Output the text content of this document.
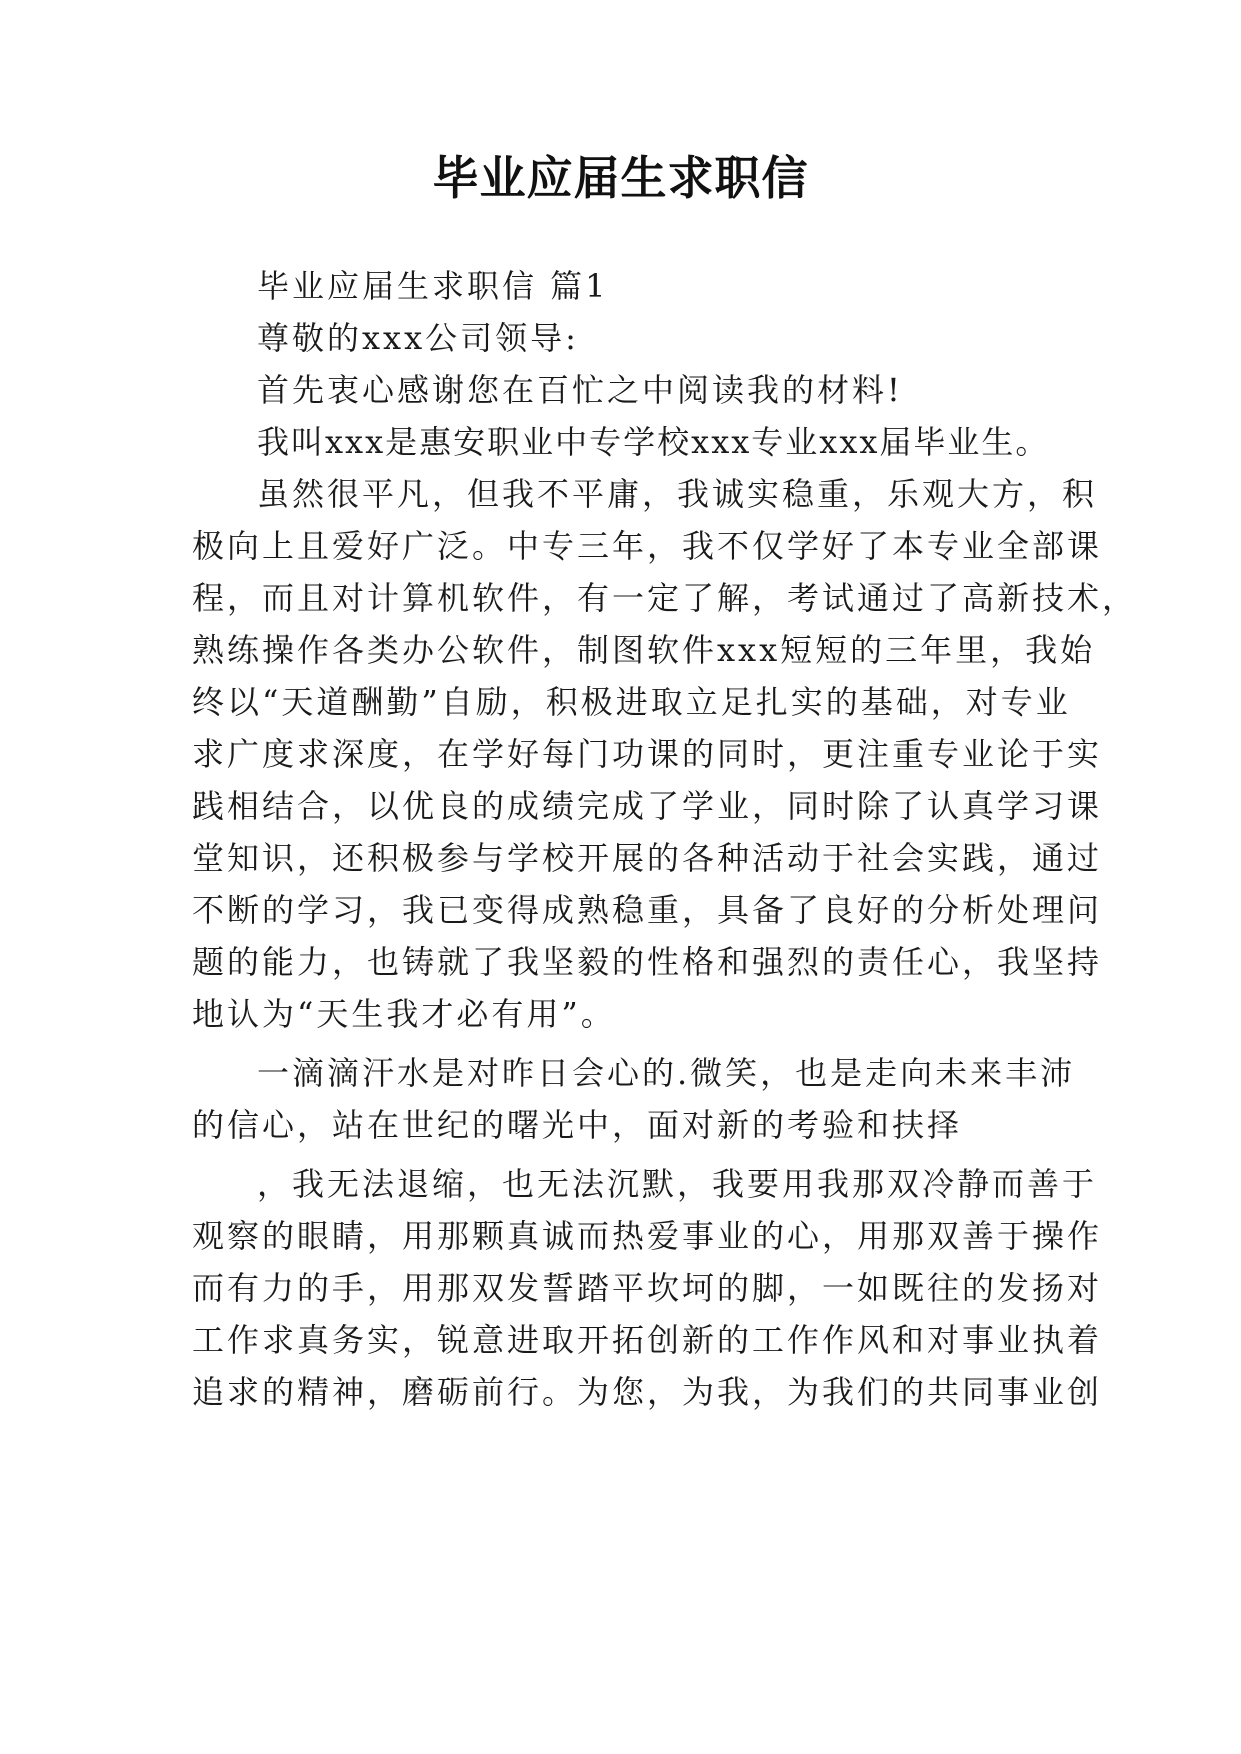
毕业应届生求职信
毕业应届生求职信 篇1
尊敬的xxx公司领导:
首先衷心感谢您在百忙之中阅读我的材料!
我叫xxx是惠安职业中专学校xxx专业xxx届毕业生。
虽然很平凡，但我不平庸，我诚实稳重，乐观大方，积
极向上且爱好广泛。中专三年，我不仅学好了本专业全部课
程，而且对计算机软件，有一定了解，考试通过了高新技术，
熟练操作各类办公软件，制图软件xxx短短的三年里，我始
终以“天道酬勤”自励，积极进取立足扎实的基础，对专业
求广度求深度，在学好每门功课的同时，更注重专业论于实
践相结合，以优良的成绩完成了学业，同时除了认真学习课
堂知识，还积极参与学校开展的各种活动于社会实践，通过
不断的学习，我已变得成熟稳重，具备了良好的分析处理问
题的能力，也铸就了我坚毅的性格和强烈的责任心，我坚持
地认为“天生我才必有用”。
一滴滴汗水是对昨日会心的.微笑，也是走向未来丰沛
的信心，站在世纪的曙光中，面对新的考验和扶择
，我无法退缩，也无法沉默，我要用我那双冷静而善于
观察的眼睛，用那颗真诚而热爱事业的心，用那双善于操作
而有力的手，用那双发誓踏平坎坷的脚，一如既往的发扬对
工作求真务实，锐意进取开拓创新的工作作风和对事业执着
追求的精神，磨砺前行。为您，为我，为我们的共同事业创
